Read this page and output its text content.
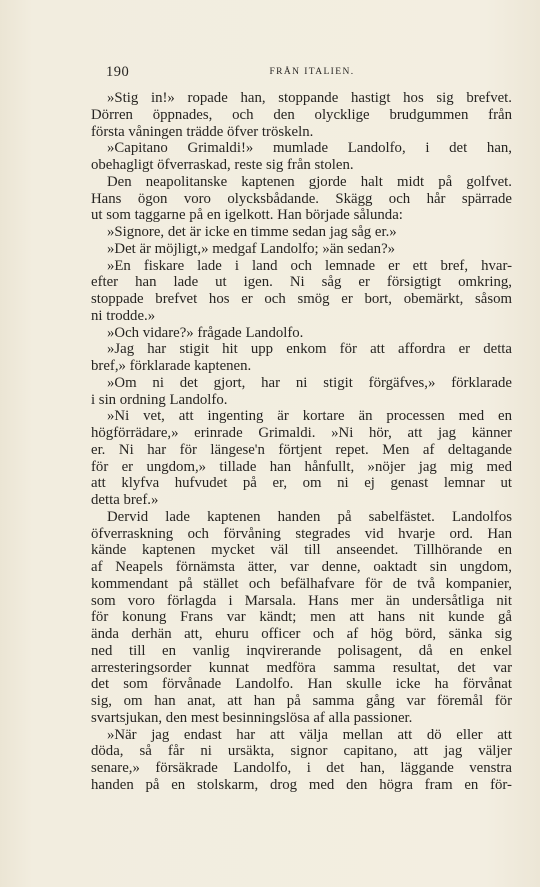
190	FRÅN ITALIEN.
»Stig in!» ropade han, stoppande hastigt hos sig brefvet.
Dörren öppnades, och den olycklige brudgummen från
första våningen trädde öfver tröskeln.
»Capitano Grimaldi!» mumlade Landolfo, i det han,
obehagligt öfverraskad, reste sig från stolen.
Den neapolitanske kaptenen gjorde halt midt på golfvet.
Hans ögon voro olycksbådande. Skägg och hår spärrade
ut som taggarne på en igelkott. Han började sålunda:
»Signore, det är icke en timme sedan jag såg er.»
»Det är möjligt,» medgaf Landolfo; »än sedan?»
»En fiskare lade i land och lemnade er ett bref, hvar-
efter han lade ut igen. Ni såg er försigtigt omkring,
stoppade brefvet hos er och smög er bort, obemärkt, såsom
ni trodde.»
»Och vidare?» frågade Landolfo.
»Jag har stigit hit upp enkom för att affordra er detta
bref,» förklarade kaptenen.
»Om ni det gjort, har ni stigit förgäfves,» förklarade
i sin ordning Landolfo.
»Ni vet, att ingenting är kortare än processen med en
högförrädare,» erinrade Grimaldi. »Ni hör, att jag känner
er. Ni har för längese'n förtjent repet. Men af deltagande
för er ungdom,» tillade han hånfullt, »nöjer jag mig med
att klyfva hufvudet på er, om ni ej genast lemnar ut
detta bref.»
Dervid lade kaptenen handen på sabelfästet. Landolfos
öfverraskning och förvåning stegrades vid hvarje ord. Han
kände kaptenen mycket väl till anseendet. Tillhörande en
af Neapels förnämsta ätter, var denne, oaktadt sin ungdom,
kommendant på stället och befälhafvare för de två kompanier,
som voro förlagda i Marsala. Hans mer än undersåtliga nit
för konung Frans var kändt; men att hans nit kunde gå
ända derhän att, ehuru officer och af hög börd, sänka sig
ned till en vanlig inqvirerande polisagent, då en enkel
arresteringsorder kunnat medföra samma resultat, det var
det som förvånade Landolfo. Han skulle icke ha förvånat
sig, om han anat, att han på samma gång var föremål för
svartsjukan, den mest besinningslösa af alla passioner.
»När jag endast har att välja mellan att dö eller att
döda, så får ni ursäkta, signor capitano, att jag väljer
senare,» försäkrade Landolfo, i det han, läggande venstra
handen på en stolskarm, drog med den högra fram en för-
